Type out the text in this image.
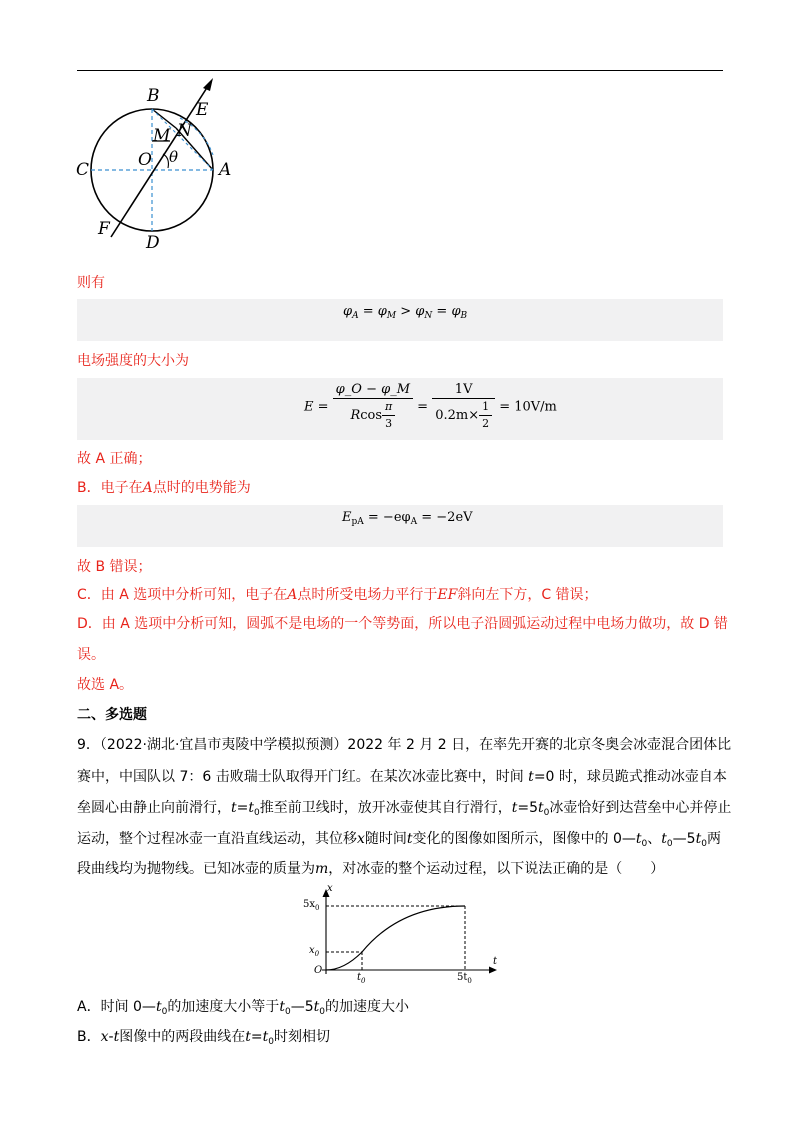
B
E
M N
C	O θ
A
F
D
则有
$\varphi_A = \varphi_M > \varphi_N = \varphi_B$
电场强度的大小为
$E = \frac{\varphi\_O - \varphi\_M}{Rcos \frac{\pi}{3}} = \frac{1V}{0.2m\times \frac{1}{2}} = 10V/m$
故 A 正确；
B．电子在A点时的电势能为
$E_{pA} = -e\varphi_A = -2eV$
故 B 错误；
C．由 A 选项中分析可知，电子在A点时所受电场力平行于EF斜向左下方，C 错误；
D．由 A 选项中分析可知，圆弧不是电场的一个等势面，所以电子沿圆弧运动过程中电场力做功，故 D 错
误。
故选 A。
二、多选题
9．（2022·湖北·宜昌市夷陵中学模拟预测）2022 年 2 月 2 日，在率先开赛的北京冬奥会冰壶混合团体比
赛中，中国队以 7：6 击败瑞士队取得开门红。在某次冰壶比赛中，时间 t=0 时，球员跪式推动冰壶自本
垒圆心由静止向前滑行，$t=t_0$推至前卫线时，放开冰壶使其自行滑行，$t=5t_0$冰壶恰好到达营垒中心并停止
运动，整个过程冰壶一直沿直线运动，其位移x随时间t变化的图像如图所示，图像中的 $0—t_0$、$t_0—5t_0$两
段曲线均为抛物线。已知冰壶的质量为m，对冰壶的整个运动过程，以下说法正确的是（　　）
x
t
O
$5x_0$
$x_0$
$t_0$	$5t_0$
A．时间 $0—t_0$的加速度大小等于$t_0—5t_0$的加速度大小
B．x-t图像中的两段曲线在$t=t_0$时刻相切
